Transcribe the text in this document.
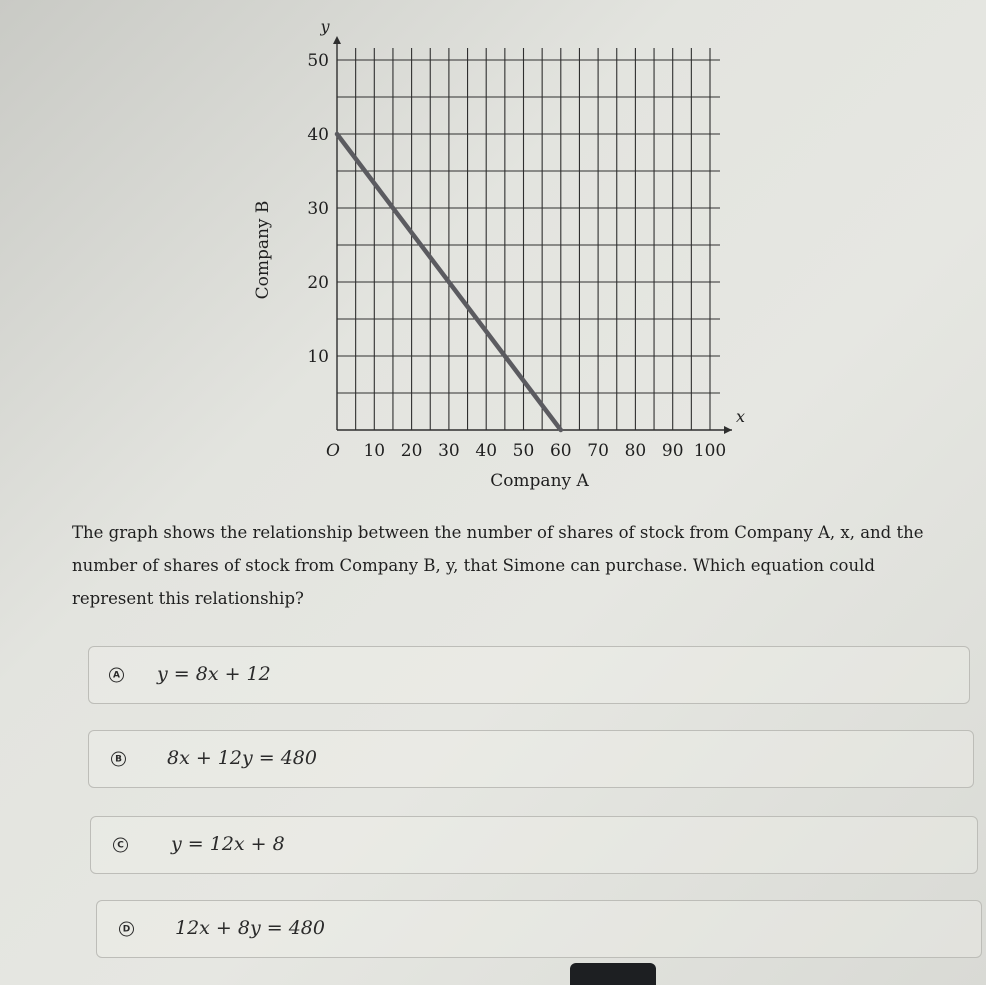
10 20 30 40 50 60 70 80 90 100
10
20
30
40
50
O
x
y
Company A
Company B

The graph shows the relationship between the number of shares of stock from Company A, x, and the number of shares of stock from Company B, y, that Simone can purchase. Which equation could represent this relationship?

A y = 8x + 12
B 8x + 12y = 480
C y = 12x + 8
D 12x + 8y = 480
